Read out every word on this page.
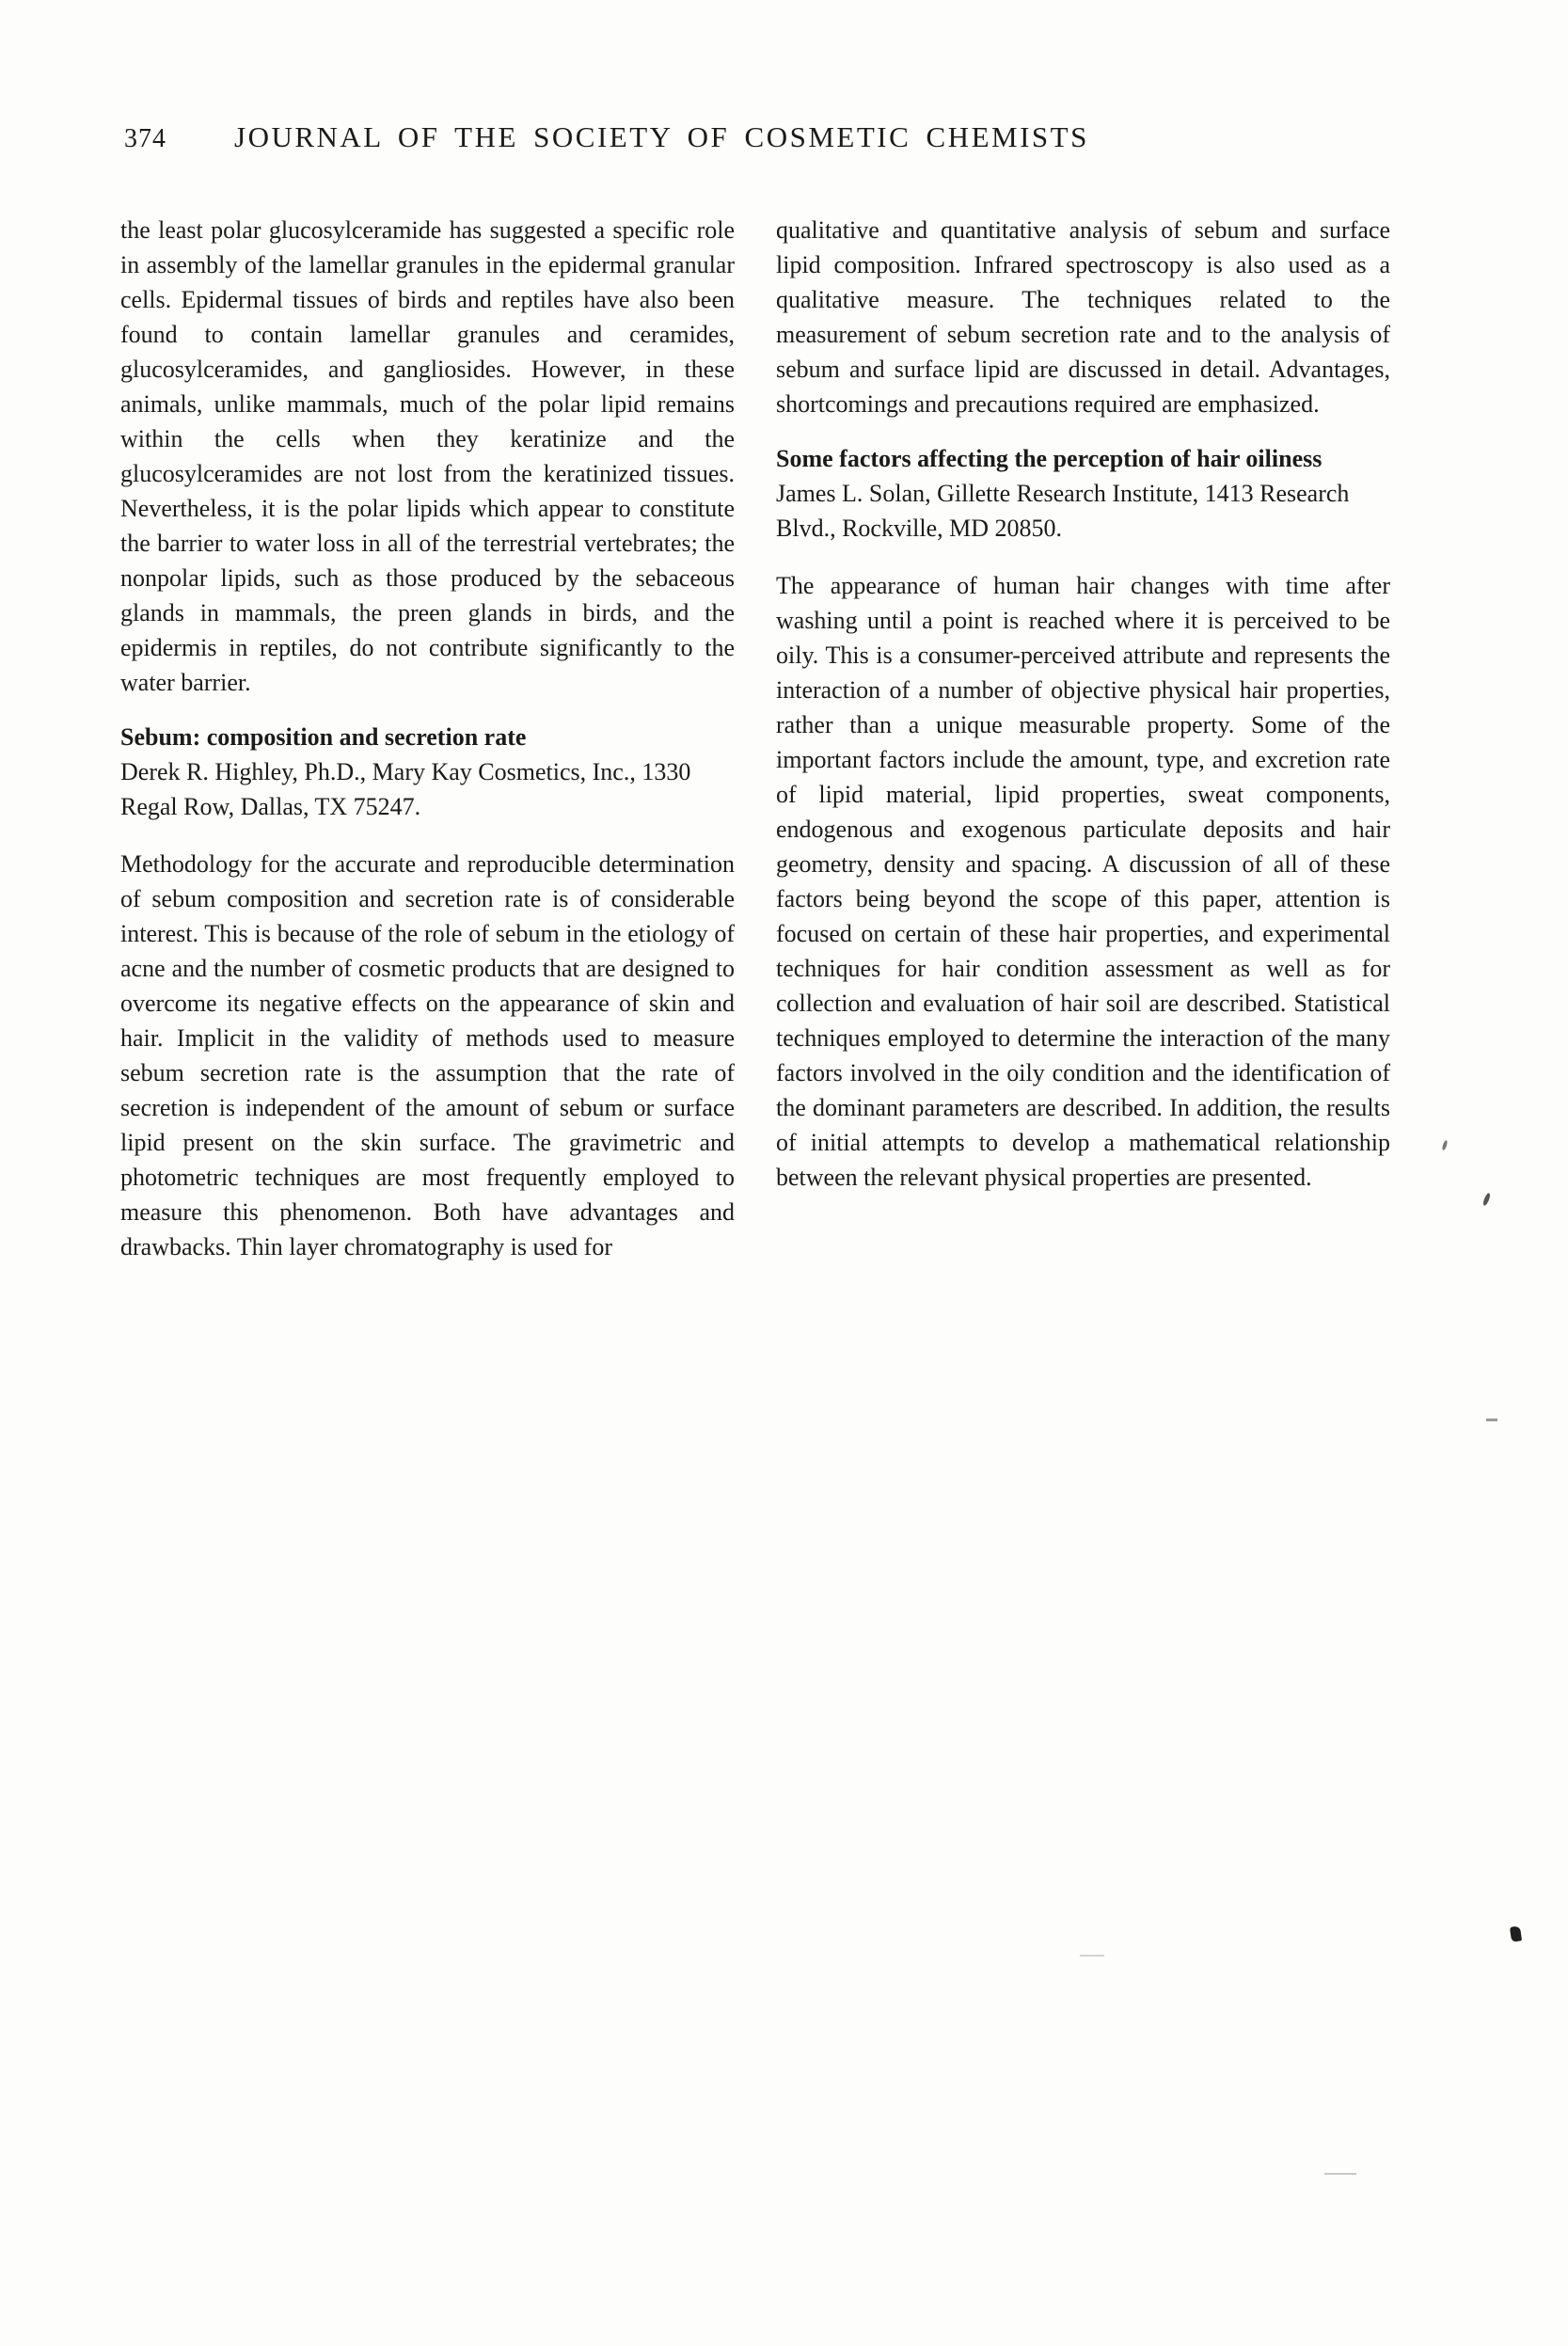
374 JOURNAL OF THE SOCIETY OF COSMETIC CHEMISTS

the least polar glucosylceramide has suggested a specific role in assembly of the lamellar granules in the epidermal granular cells. Epidermal tissues of birds and reptiles have also been found to contain lamellar granules and ceramides, glucosylceramides, and gangliosides. However, in these animals, unlike mammals, much of the polar lipid remains within the cells when they keratinize and the glucosylceramides are not lost from the keratinized tissues. Nevertheless, it is the polar lipids which appear to constitute the barrier to water loss in all of the terrestrial vertebrates; the nonpolar lipids, such as those produced by the sebaceous glands in mammals, the preen glands in birds, and the epidermis in reptiles, do not contribute significantly to the water barrier.

Sebum: composition and secretion rate

Derek R. Highley, Ph.D., Mary Kay Cosmetics, Inc., 1330 Regal Row, Dallas, TX 75247.

Methodology for the accurate and reproducible determination of sebum composition and secretion rate is of considerable interest. This is because of the role of sebum in the etiology of acne and the number of cosmetic products that are designed to overcome its negative effects on the appearance of skin and hair. Implicit in the validity of methods used to measure sebum secretion rate is the assumption that the rate of secretion is independent of the amount of sebum or surface lipid present on the skin surface. The gravimetric and photometric techniques are most frequently employed to measure this phenomenon. Both have advantages and drawbacks. Thin layer chromatography is used for

qualitative and quantitative analysis of sebum and surface lipid composition. Infrared spectroscopy is also used as a qualitative measure. The techniques related to the measurement of sebum secretion rate and to the analysis of sebum and surface lipid are discussed in detail. Advantages, shortcomings and precautions required are emphasized.

Some factors affecting the perception of hair oiliness

James L. Solan, Gillette Research Institute, 1413 Research Blvd., Rockville, MD 20850.

The appearance of human hair changes with time after washing until a point is reached where it is perceived to be oily. This is a consumer-perceived attribute and represents the interaction of a number of objective physical hair properties, rather than a unique measurable property. Some of the important factors include the amount, type, and excretion rate of lipid material, lipid properties, sweat components, endogenous and exogenous particulate deposits and hair geometry, density and spacing. A discussion of all of these factors being beyond the scope of this paper, attention is focused on certain of these hair properties, and experimental techniques for hair condition assessment as well as for collection and evaluation of hair soil are described. Statistical techniques employed to determine the interaction of the many factors involved in the oily condition and the identification of the dominant parameters are described. In addition, the results of initial attempts to develop a mathematical relationship between the relevant physical properties are presented.
